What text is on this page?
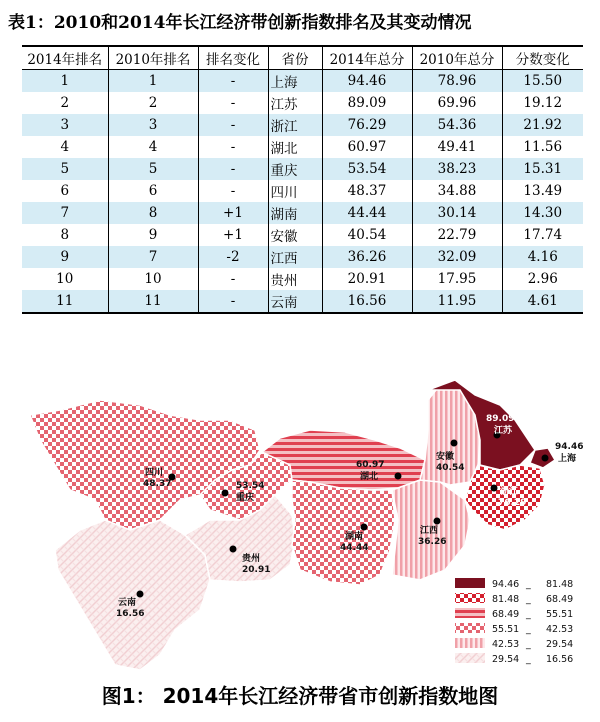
表1：2010和2014年长江经济带创新指数排名及其变动情况
2014年排名	2010年排名	排名变化	省份	2014年总分	2010年总分	分数变化
1	1	-	上海	94.46	78.96	15.50
2	2	-	江苏	89.09	69.96	19.12
3	3	-	浙江	76.29	54.36	21.92
4	4	-	湖北	60.97	49.41	11.56
5	5	-	重庆	53.54	38.23	15.31
6	6	-	四川	48.37	34.88	13.49
7	8	+1	湖南	44.44	30.14	14.30
8	9	+1	安徽	40.54	22.79	17.74
9	7	-2	江西	36.26	32.09	4.16
10	10	-	贵州	20.91	17.95	2.96
11	11	-	云南	16.56	11.95	4.61
四川
48.37	53.54
重庆
云南
16.56
贵州
20.91
60.97
湖北
湖南
44.44
江西
36.26
安徽
40.54
89.09
江苏
浙江
76.29
94.46
上海
94.46 _ 81.48
81.48 _ 68.49
68.49 _ 55.51
55.51 _ 42.53
42.53 _ 29.54
29.54 _ 16.56
图1： 2014年长江经济带省市创新指数地图
